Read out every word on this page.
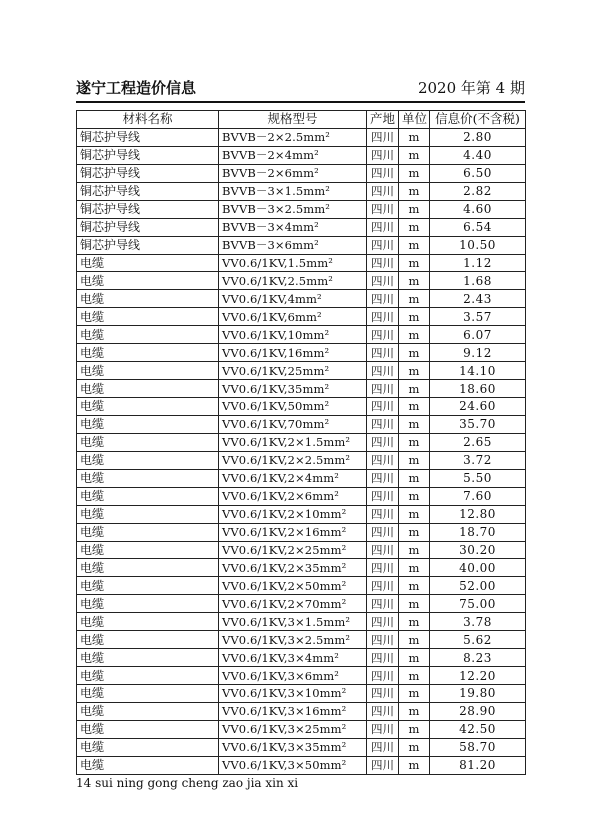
遂宁工程造价信息	2020 年第 4 期
材料名称	规格型号	产地	单位	信息价(不含税)
铜芯护导线	BVVB－2×2.5mm²	四川	m	2.80
铜芯护导线	BVVB－2×4mm²	四川	m	4.40
铜芯护导线	BVVB－2×6mm²	四川	m	6.50
铜芯护导线	BVVB－3×1.5mm²	四川	m	2.82
铜芯护导线	BVVB－3×2.5mm²	四川	m	4.60
铜芯护导线	BVVB－3×4mm²	四川	m	6.54
铜芯护导线	BVVB－3×6mm²	四川	m	10.50
电缆	VV0.6/1KV,1.5mm²	四川	m	1.12
电缆	VV0.6/1KV,2.5mm²	四川	m	1.68
电缆	VV0.6/1KV,4mm²	四川	m	2.43
电缆	VV0.6/1KV,6mm²	四川	m	3.57
电缆	VV0.6/1KV,10mm²	四川	m	6.07
电缆	VV0.6/1KV,16mm²	四川	m	9.12
电缆	VV0.6/1KV,25mm²	四川	m	14.10
电缆	VV0.6/1KV,35mm²	四川	m	18.60
电缆	VV0.6/1KV,50mm²	四川	m	24.60
电缆	VV0.6/1KV,70mm²	四川	m	35.70
电缆	VV0.6/1KV,2×1.5mm²	四川	m	2.65
电缆	VV0.6/1KV,2×2.5mm²	四川	m	3.72
电缆	VV0.6/1KV,2×4mm²	四川	m	5.50
电缆	VV0.6/1KV,2×6mm²	四川	m	7.60
电缆	VV0.6/1KV,2×10mm²	四川	m	12.80
电缆	VV0.6/1KV,2×16mm²	四川	m	18.70
电缆	VV0.6/1KV,2×25mm²	四川	m	30.20
电缆	VV0.6/1KV,2×35mm²	四川	m	40.00
电缆	VV0.6/1KV,2×50mm²	四川	m	52.00
电缆	VV0.6/1KV,2×70mm²	四川	m	75.00
电缆	VV0.6/1KV,3×1.5mm²	四川	m	3.78
电缆	VV0.6/1KV,3×2.5mm²	四川	m	5.62
电缆	VV0.6/1KV,3×4mm²	四川	m	8.23
电缆	VV0.6/1KV,3×6mm²	四川	m	12.20
电缆	VV0.6/1KV,3×10mm²	四川	m	19.80
电缆	VV0.6/1KV,3×16mm²	四川	m	28.90
电缆	VV0.6/1KV,3×25mm²	四川	m	42.50
电缆	VV0.6/1KV,3×35mm²	四川	m	58.70
电缆	VV0.6/1KV,3×50mm²	四川	m	81.20
14 sui ning gong cheng zao jia xin xi
